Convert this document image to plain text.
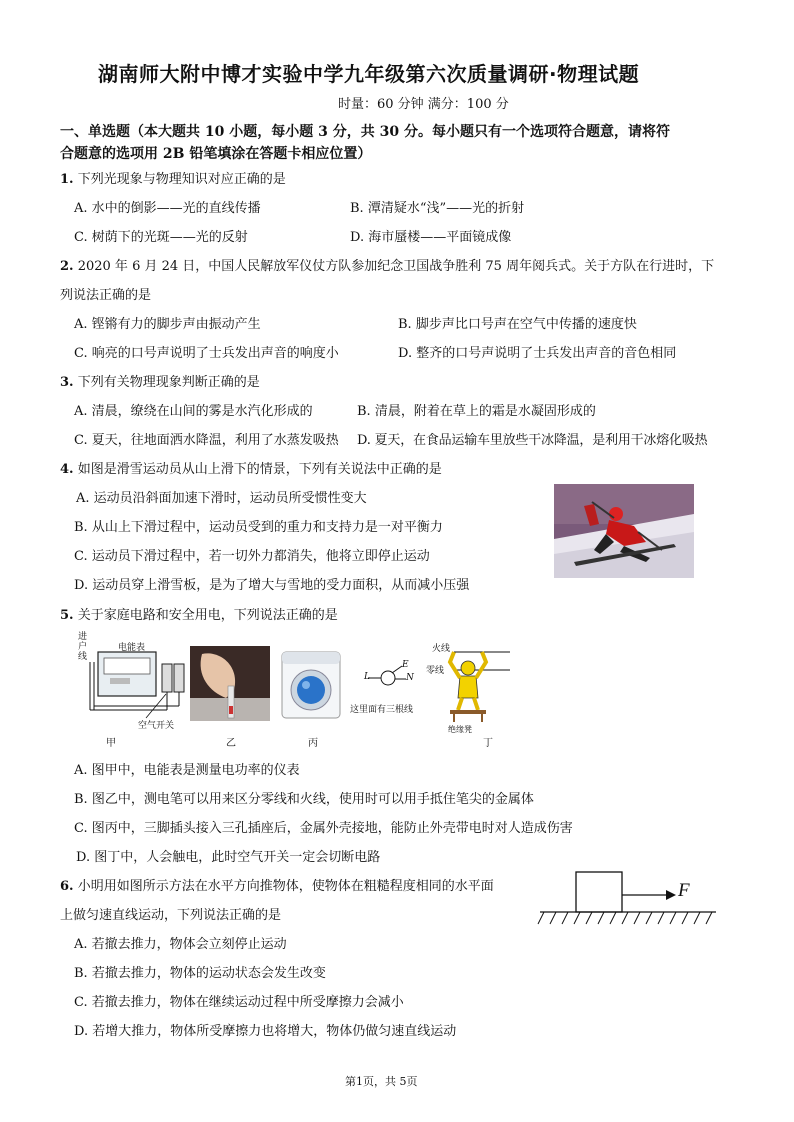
湖南师大附中博才实验中学九年级第六次质量调研·物理试题
时量：60 分钟 满分：100 分
一、单选题（本大题共 10 小题，每小题 3 分，共 30 分。每小题只有一个选项符合题意，请将符
合题意的选项用 2B 铅笔填涂在答题卡相应位置）
1. 下列光现象与物理知识对应正确的是
A. 水中的倒影——光的直线传播	B. 潭清疑水“浅”——光的折射
C. 树荫下的光斑——光的反射	D. 海市蜃楼——平面镜成像
2. 2020 年 6 月 24 日，中国人民解放军仪仗方队参加纪念卫国战争胜利 75 周年阅兵式。关于方队在行进时，下
列说法正确的是
A. 铿锵有力的脚步声由振动产生	B. 脚步声比口号声在空气中传播的速度快
C. 响亮的口号声说明了士兵发出声音的响度小	D. 整齐的口号声说明了士兵发出声音的音色相同
3. 下列有关物理现象判断正确的是
A. 清晨，缭绕在山间的雾是水汽化形成的	B. 清晨，附着在草上的霜是水凝固形成的
C. 夏天，往地面洒水降温，利用了水蒸发吸热 D. 夏天，在食品运输车里放些干冰降温，是利用干冰熔化吸热
4. 如图是滑雪运动员从山上滑下的情景，下列有关说法中正确的是
A. 运动员沿斜面加速下滑时，运动员所受惯性变大
B. 从山上下滑过程中，运动员受到的重力和支持力是一对平衡力
C. 运动员下滑过程中，若一切外力都消失，他将立即停止运动
D. 运动员穿上滑雪板，是为了增大与雪地的受力面积，从而减小压强
5. 关于家庭电路和安全用电，下列说法正确的是
进
户
线
电能表
空气开关
E
L	N
这里面有三根线
火线
零线
绝缘凳
甲	乙	丙	丁
A. 图甲中，电能表是测量电功率的仪表
B. 图乙中，测电笔可以用来区分零线和火线，使用时可以用手抵住笔尖的金属体
C. 图丙中，三脚插头接入三孔插座后，金属外壳接地，能防止外壳带电时对人造成伤害
D. 图丁中，人会触电，此时空气开关一定会切断电路
6. 小明用如图所示方法在水平方向推物体，使物体在粗糙程度相同的水平面
上做匀速直线运动，下列说法正确的是
A. 若撤去推力，物体会立刻停止运动
B. 若撤去推力，物体的运动状态会发生改变
C. 若撤去推力，物体在继续运动过程中所受摩擦力会减小
D. 若增大推力，物体所受摩擦力也将增大，物体仍做匀速直线运动
F
第1页，共 5页
